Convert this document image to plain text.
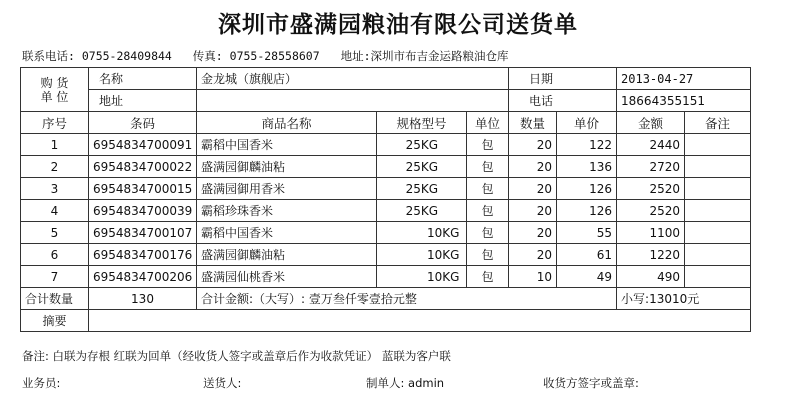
深圳市盛满园粮油有限公司送货单
联系电话: 0755-28409844 传真: 0755-28558607 地址:深圳市布吉金运路粮油仓库
购 货
单 位	名称	金龙城（旗舰店）			日期		2013-04-27	
	地址				电话		18664355151	
序号	条码	商品名称	规格型号	单位	数量	单价	金额	备注
1	6954834700091	霸稻中国香米	25KG	包	20	122	2440	
2	6954834700022	盛满园御麟油粘	25KG	包	20	136	2720	
3	6954834700015	盛满园御用香米	25KG	包	20	126	2520	
4	6954834700039	霸稻珍珠香米	25KG	包	20	126	2520	
5	6954834700107	霸稻中国香米	10KG	包	20	55	1100	
6	6954834700176	盛满园御麟油粘	10KG	包	20	61	1220	
7	6954834700206	盛满园仙桃香米	10KG	包	10	49	490	
合计数量	130	合计金额:（大写）: 壹万叁仟零壹拾元整					小写:13010元	
摘要								
备注: 白联为存根 红联为回单（经收货人签字或盖章后作为收款凭证） 蓝联为客户联
业务员:	送货人:	制单人: admin	收货方签字或盖章:
